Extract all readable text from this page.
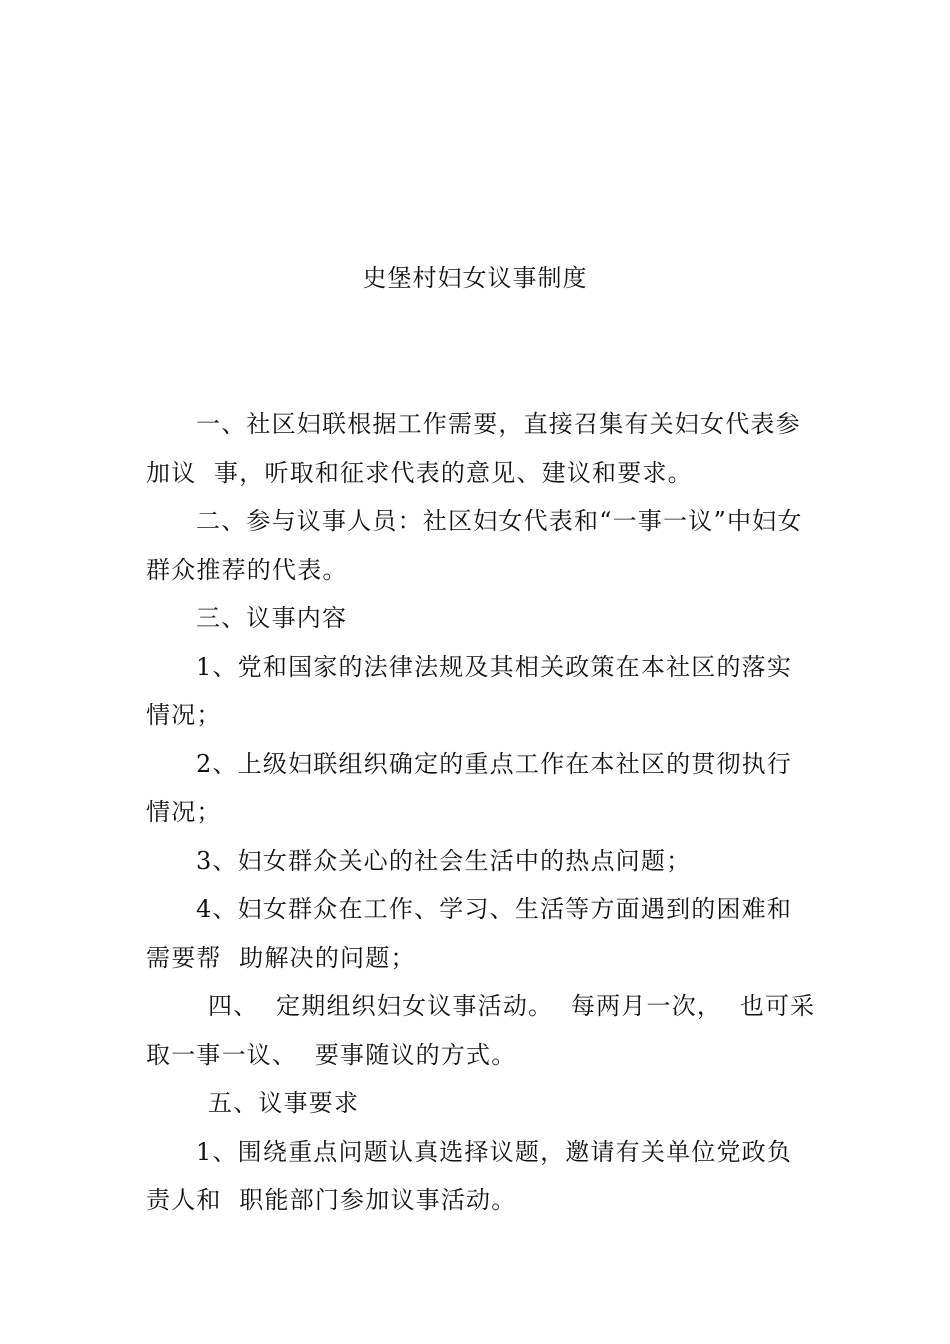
史堡村妇女议事制度
一、社区妇联根据工作需要，直接召集有关妇女代表参
加议  事，听取和征求代表的意见、建议和要求。
二、参与议事人员：社区妇女代表和“一事一议”中妇女
群众推荐的代表。
三、议事内容
1、党和国家的法律法规及其相关政策在本社区的落实
情况；
2、上级妇联组织确定的重点工作在本社区的贯彻执行
情况；
3、妇女群众关心的社会生活中的热点问题；
4、妇女群众在工作、学习、生活等方面遇到的困难和
需要帮  助解决的问题；
四、  定期组织妇女议事活动。  每两月一次，  也可采
取一事一议、  要事随议的方式。
五、议事要求
1、围绕重点问题认真选择议题，邀请有关单位党政负
责人和  职能部门参加议事活动。
